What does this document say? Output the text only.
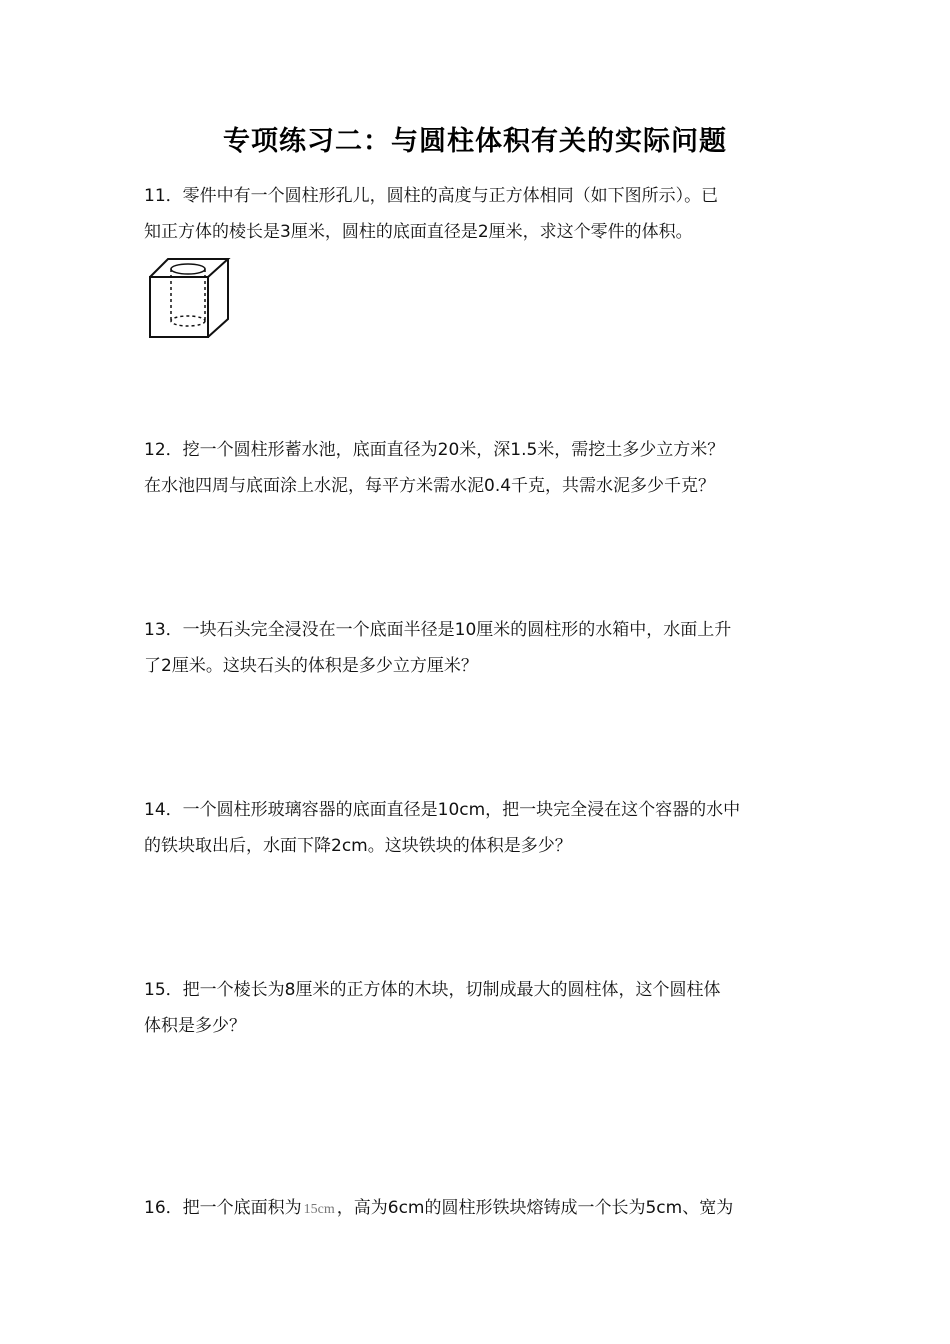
专项练习二：与圆柱体积有关的实际问题
11．零件中有一个圆柱形孔儿，圆柱的高度与正方体相同（如下图所示）。已
知正方体的棱长是3厘米，圆柱的底面直径是2厘米，求这个零件的体积。
12．挖一个圆柱形蓄水池，底面直径为20米，深1.5米，需挖土多少立方米？
在水池四周与底面涂上水泥，每平方米需水泥0.4千克，共需水泥多少千克？
13．一块石头完全浸没在一个底面半径是10厘米的圆柱形的水箱中，水面上升
了2厘米。这块石头的体积是多少立方厘米？
14．一个圆柱形玻璃容器的底面直径是10cm，把一块完全浸在这个容器的水中
的铁块取出后，水面下降2cm。这块铁块的体积是多少？
15．把一个棱长为8厘米的正方体的木块，切制成最大的圆柱体，这个圆柱体
体积是多少？
16．把一个底面积为 15cm ，高为6cm的圆柱形铁块熔铸成一个长为5cm、宽为
